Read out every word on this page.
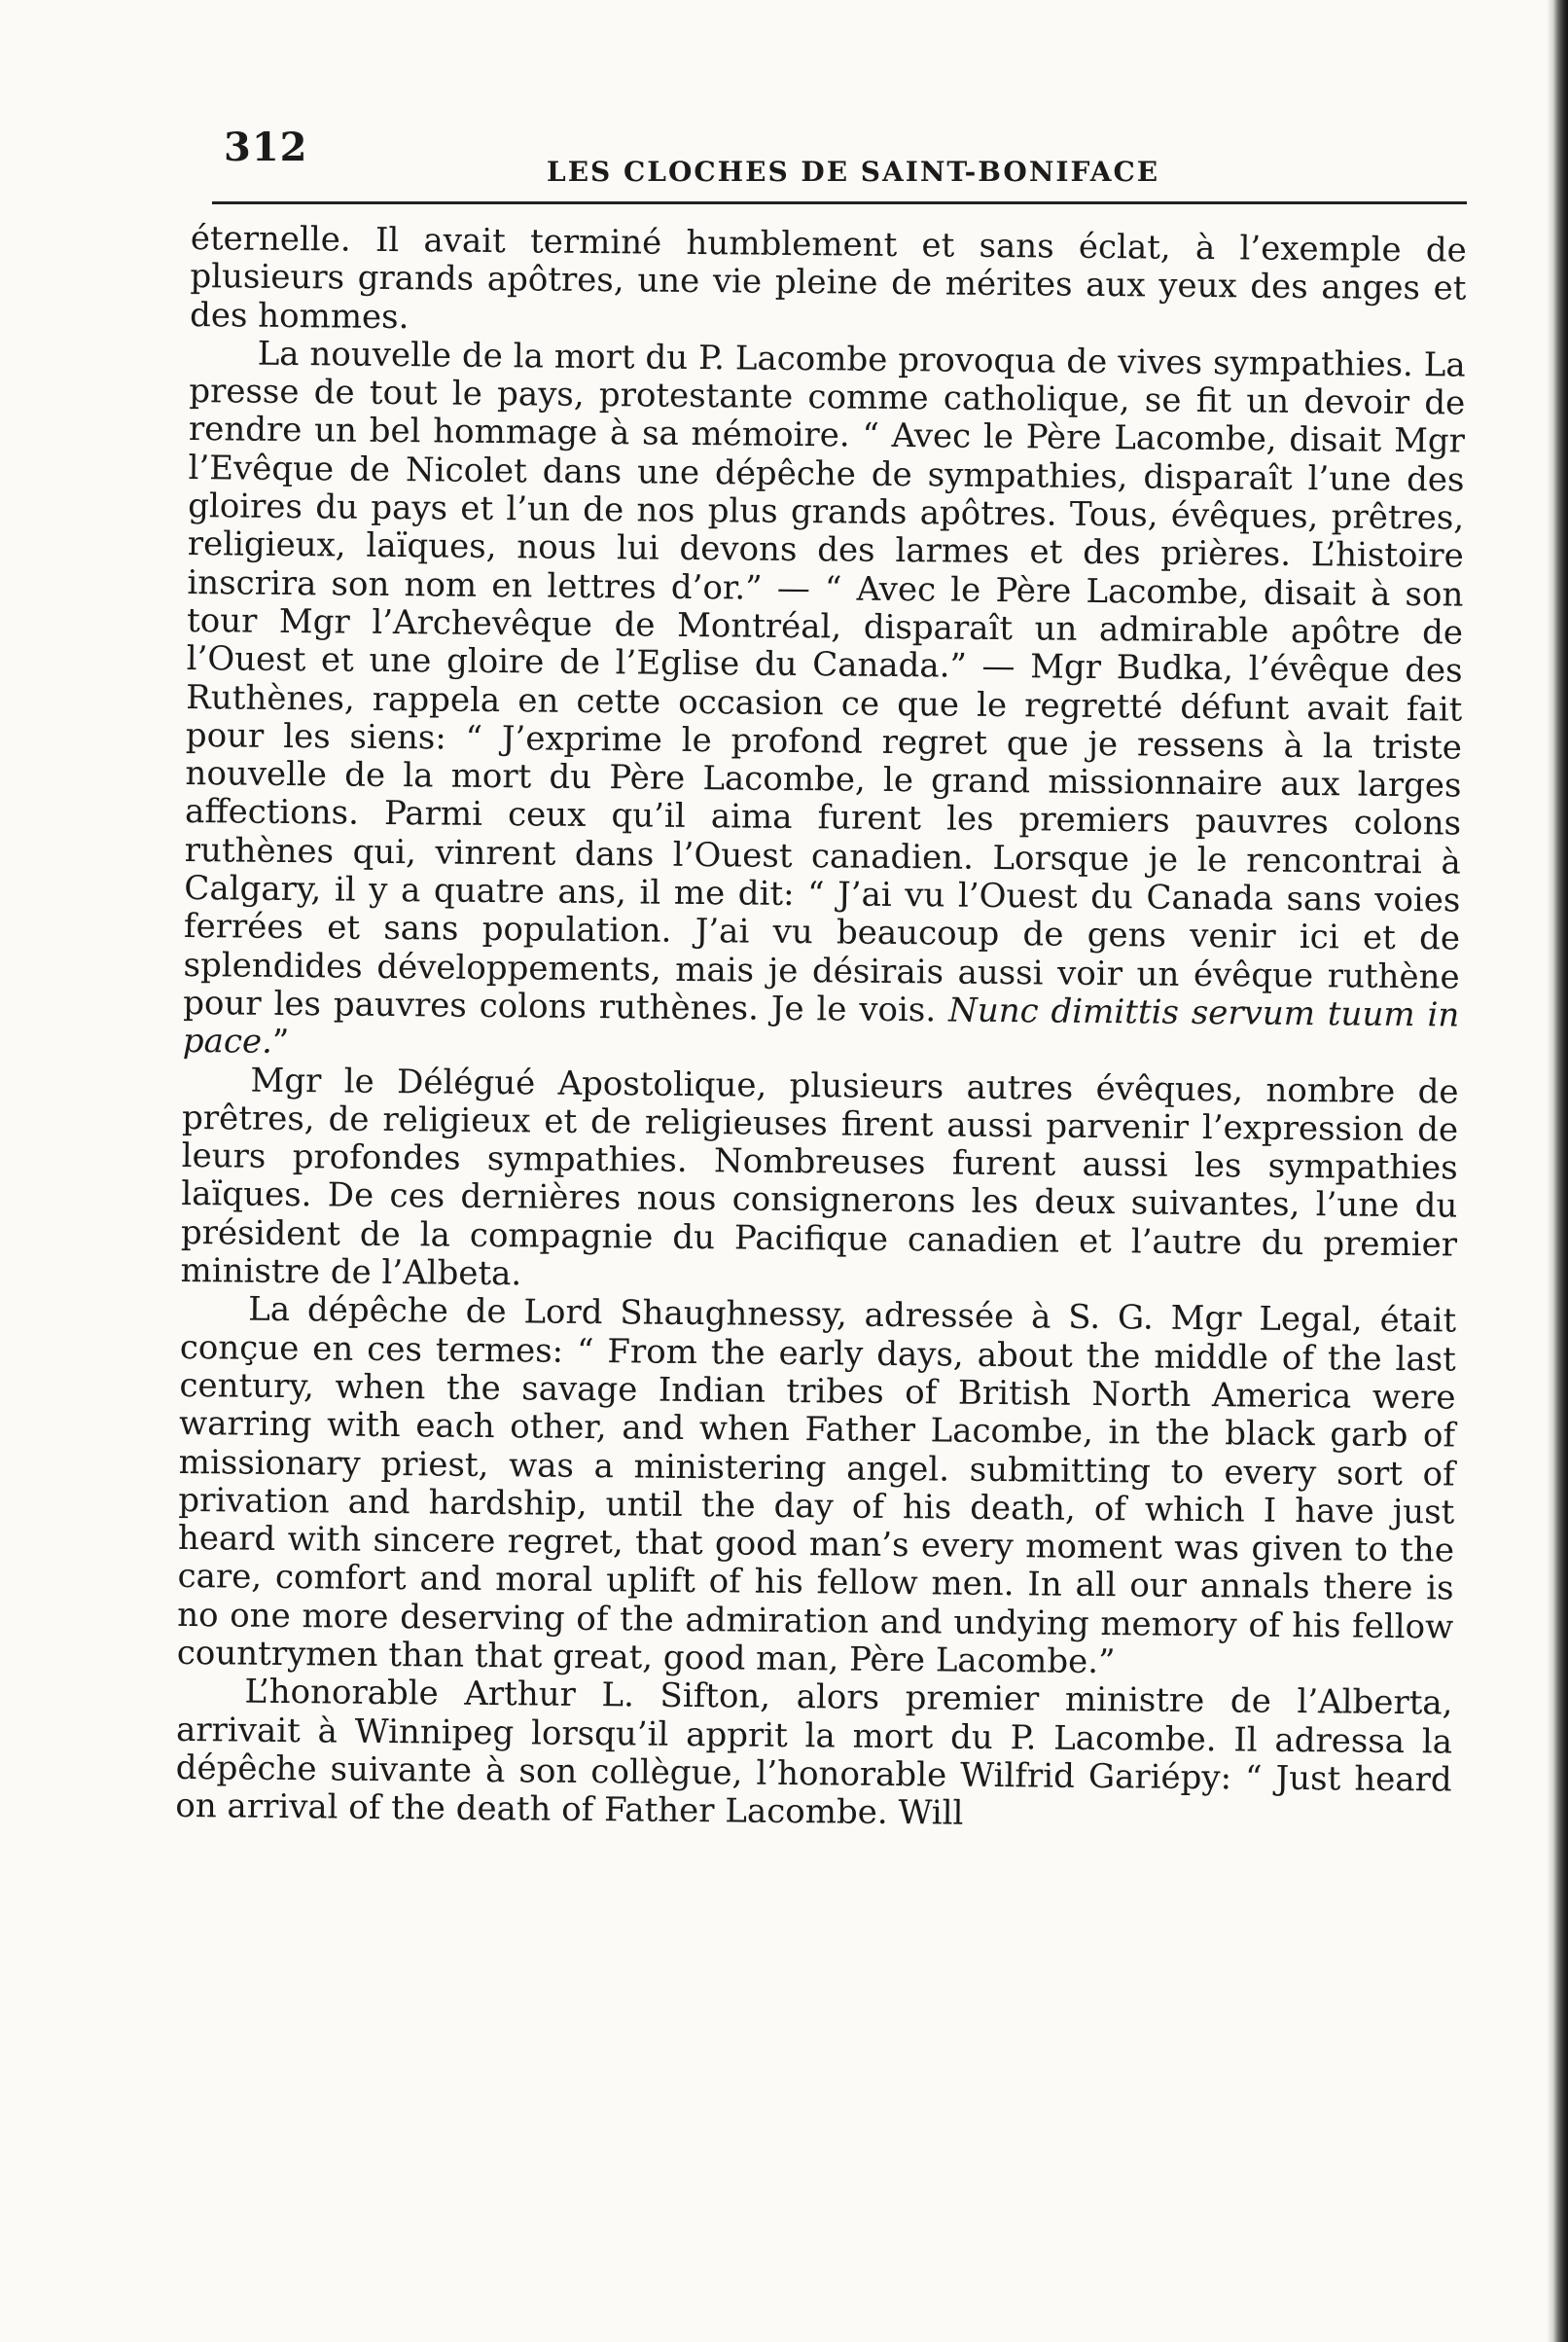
312
LES CLOCHES DE SAINT-BONIFACE

éternelle. Il avait terminé humblement et sans éclat, à l’exemple de plusieurs grands apôtres, une vie pleine de mérites aux yeux des anges et des hommes.

La nouvelle de la mort du P. Lacombe provoqua de vives sympathies. La presse de tout le pays, protestante comme catholique, se fit un devoir de rendre un bel hommage à sa mémoire. “ Avec le Père Lacombe, disait Mgr l’Evêque de Nicolet dans une dépêche de sympathies, disparaît l’une des gloires du pays et l’un de nos plus grands apôtres. Tous, évêques, prêtres, religieux, laïques, nous lui devons des larmes et des prières. L’histoire inscrira son nom en lettres d’or.” — “ Avec le Père Lacombe, disait à son tour Mgr l’Archevêque de Montréal, disparaît un admirable apôtre de l’Ouest et une gloire de l’Eglise du Canada.” — Mgr Budka, l’évêque des Ruthènes, rappela en cette occasion ce que le regretté défunt avait fait pour les siens: “ J’exprime le profond regret que je ressens à la triste nouvelle de la mort du Père Lacombe, le grand missionnaire aux larges affections. Parmi ceux qu’il aima furent les premiers pauvres colons ruthènes qui, vinrent dans l’Ouest canadien. Lorsque je le rencontrai à Calgary, il y a quatre ans, il me dit: “ J’ai vu l’Ouest du Canada sans voies ferrées et sans population. J’ai vu beaucoup de gens venir ici et de splendides développements, mais je désirais aussi voir un évêque ruthène pour les pauvres colons ruthènes. Je le vois. Nunc dimittis servum tuum in pace.”

Mgr le Délégué Apostolique, plusieurs autres évêques, nombre de prêtres, de religieux et de religieuses firent aussi parvenir l’expression de leurs profondes sympathies. Nombreuses furent aussi les sympathies laïques. De ces dernières nous consignerons les deux suivantes, l’une du président de la compagnie du Pacifique canadien et l’autre du premier ministre de l’Albeta.

La dépêche de Lord Shaughnessy, adressée à S. G. Mgr Legal, était conçue en ces termes: “ From the early days, about the middle of the last century, when the savage Indian tribes of British North America were warring with each other, and when Father Lacombe, in the black garb of missionary priest, was a ministering angel. submitting to every sort of privation and hardship, until the day of his death, of which I have just heard with sincere regret, that good man’s every moment was given to the care, comfort and moral uplift of his fellow men. In all our annals there is no one more deserving of the admiration and undying memory of his fellow countrymen than that great, good man, Père Lacombe.”

L’honorable Arthur L. Sifton, alors premier ministre de l’Alberta, arrivait à Winnipeg lorsqu’il apprit la mort du P. Lacombe. Il adressa la dépêche suivante à son collègue, l’honorable Wilfrid Gariépy: “ Just heard on arrival of the death of Father Lacombe. Will
